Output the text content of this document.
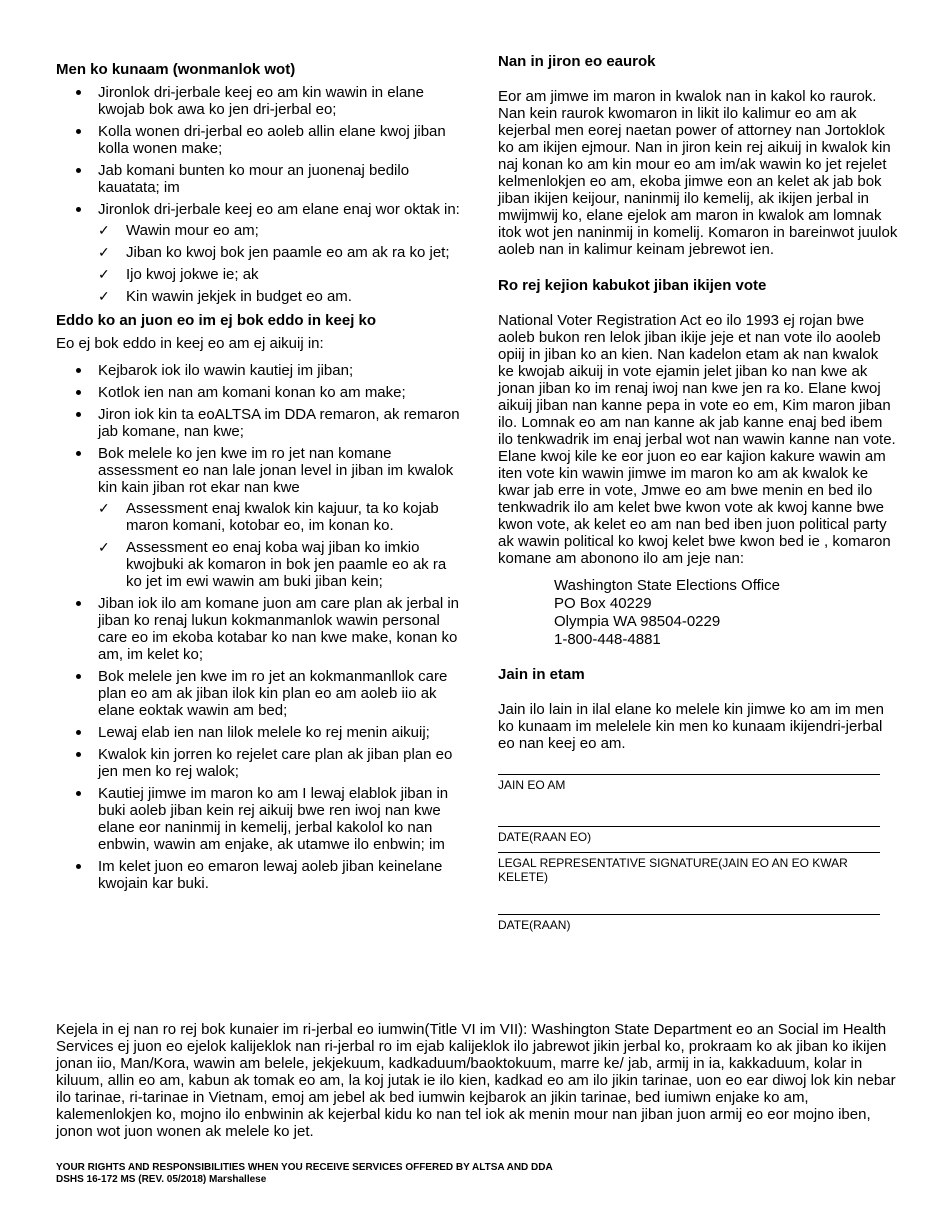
Men ko kunaam (wonmanlok wot)
Jironlok dri-jerbale keej eo am kin wawin in elane kwojab bok awa ko jen dri-jerbal eo;
Kolla wonen dri-jerbal eo aoleb allin elane kwoj jiban kolla wonen make;
Jab komani bunten ko mour an juonenaj bedilo kauatata; im
Jironlok dri-jerbale keej eo am elane enaj wor oktak in:
✓ Wawin mour eo am;
✓ Jiban ko kwoj bok jen paamle eo am ak ra ko jet;
✓ Ijo kwoj jokwe ie; ak
✓ Kin wawin jekjek in budget eo am.
Eddo ko an juon eo im ej bok eddo in keej ko

Eo ej bok eddo in keej eo am ej aikuij in:

Kejbarok iok ilo wawin kautiej im jiban;
Kotlok ien nan am komani konan ko am make;
Jiron iok kin ta eoALTSA im DDA remaron, ak remaron jab komane, nan kwe;
Bok melele ko jen kwe im ro jet nan komane assessment eo nan lale jonan level in jiban im kwalok kin kain jiban rot ekar nan kwe
✓ Assessment enaj kwalok kin kajuur, ta ko kojab maron komani, kotobar eo, im konan ko.
✓ Assessment eo enaj koba waj jiban ko imkio kwojbuki ak komaron in bok jen paamle eo ak ra ko jet im ewi wawin am buki jiban kein;
Jiban iok ilo am komane juon am care plan ak jerbal in jiban ko renaj lukun kokmanmanlok wawin personal care eo im ekoba kotabar ko nan kwe make, konan ko am, im kelet ko;
Bok melele jen kwe im ro jet an kokmanmanllok care plan eo am ak jiban ilok kin plan eo am aoleb iio ak elane eoktak wawin am bed;
Lewaj elab ien nan lilok melele ko rej menin aikuij;
Kwalok kin jorren ko rejelet care plan ak jiban plan eo jen men ko rej walok;
Kautiej jimwe im maron ko am I lewaj elablok jiban in buki aoleb jiban kein rej aikuij bwe ren iwoj nan kwe elane eor naninmij in kemelij, jerbal kakolol ko nan enbwin, wawin am enjake, ak utamwe ilo enbwin; im
Im kelet juon eo emaron lewaj aoleb jiban keinelane kwojain kar buki.
Nan in jiron eo eaurok

Eor am jimwe im maron in kwalok nan in kakol ko raurok. Nan kein raurok kwomaron in likit ilo kalimur eo am ak kejerbal men eorej naetan power of attorney nan Jortoklok ko am ikijen ejmour. Nan in jiron kein rej aikuij in kwalok kin naj konan ko am kin mour eo am im/ak wawin ko jet rejelet kelmenlokjen eo am, ekoba jimwe eon an kelet ak jab bok jiban ikijen keijour, naninmij ilo kemelij, ak ikijen jerbal in mwijmwij ko, elane ejelok am maron in kwalok am lomnak itok wot jen naninmij in komelij. Komaron in bareinwot juulok aoleb nan in kalimur keinam jebrewot ien.

Ro rej kejion kabukot jiban ikijen vote

National Voter Registration Act eo ilo 1993 ej rojan bwe aoleb bukon ren lelok jiban ikije jeje et nan vote ilo aooleb opiij in jiban ko an kien. Nan kadelon etam ak nan kwalok ke kwojab aikuij in vote ejamin jelet jiban ko nan kwe ak jonan jiban ko im renaj iwoj nan kwe jen ra ko. Elane kwoj aikuij jiban nan kanne pepa in vote eo em, Kim maron jiban ilo. Lomnak eo am nan kanne ak jab kanne enaj bed ibem ilo tenkwadrik im enaj jerbal wot nan wawin kanne nan vote. Elane kwoj kile ke eor juon eo ear kajion kakure wawin am iten vote kin wawin jimwe im maron ko am ak kwalok ke kwar jab erre in vote, Jmwe eo am bwe menin en bed ilo tenkwadrik ilo am kelet bwe kwon vote ak kwoj kanne bwe kwon vote, ak kelet eo am nan bed iben juon political party ak wawin political ko kwoj kelet bwe kwon bed ie , komaron komane am abonono ilo am jeje nan:

Washington State Elections Office
PO Box 40229
Olympia WA 98504-0229
1-800-448-4881
Jain in etam

Jain ilo lain in ilal elane ko melele kin jimwe ko am im men ko kunaam im melelele kin men ko kunaam ikijendri-jerbal eo nan keej eo am.

JAIN EO AM
DATE(RAAN EO)
LEGAL REPRESENTATIVE SIGNATURE(JAIN EO AN EO KWAR KELETE)
DATE(RAAN)

Kejela in ej nan ro rej bok kunaier im ri-jerbal eo iumwin(Title VI im VII): Washington State Department eo an Social im Health Services ej juon eo ejelok kalijeklok nan ri-jerbal ro im ejab kalijeklok ilo jabrewot jikin jerbal ko, prokraam ko ak jiban ko ikijen jonan iio, Man/Kora, wawin am belele, jekjekuum, kadkaduum/baoktokuum, marre ke/ jab, armij in ia, kakkaduum, kolar in kiluum, allin eo am, kabun ak tomak eo am, la koj jutak ie ilo kien, kadkad eo am ilo jikin tarinae, uon eo ear diwoj lok kin nebar ilo tarinae, ri-tarinae in Vietnam, emoj am jebel ak bed iumwin kejbarok an jikin tarinae, bed iumiwn enjake ko am, kalemenlokjen ko, mojno ilo enbwinin ak kejerbal kidu ko nan tel iok ak menin mour nan jiban juon armij eo eor mojno iben, jonon wot juon wonen ak melele ko jet.

YOUR RIGHTS AND RESPONSIBILITIES WHEN YOU RECEIVE SERVICES OFFERED BY ALTSA AND DDA
DSHS 16-172 MS (REV. 05/2018) Marshallese
